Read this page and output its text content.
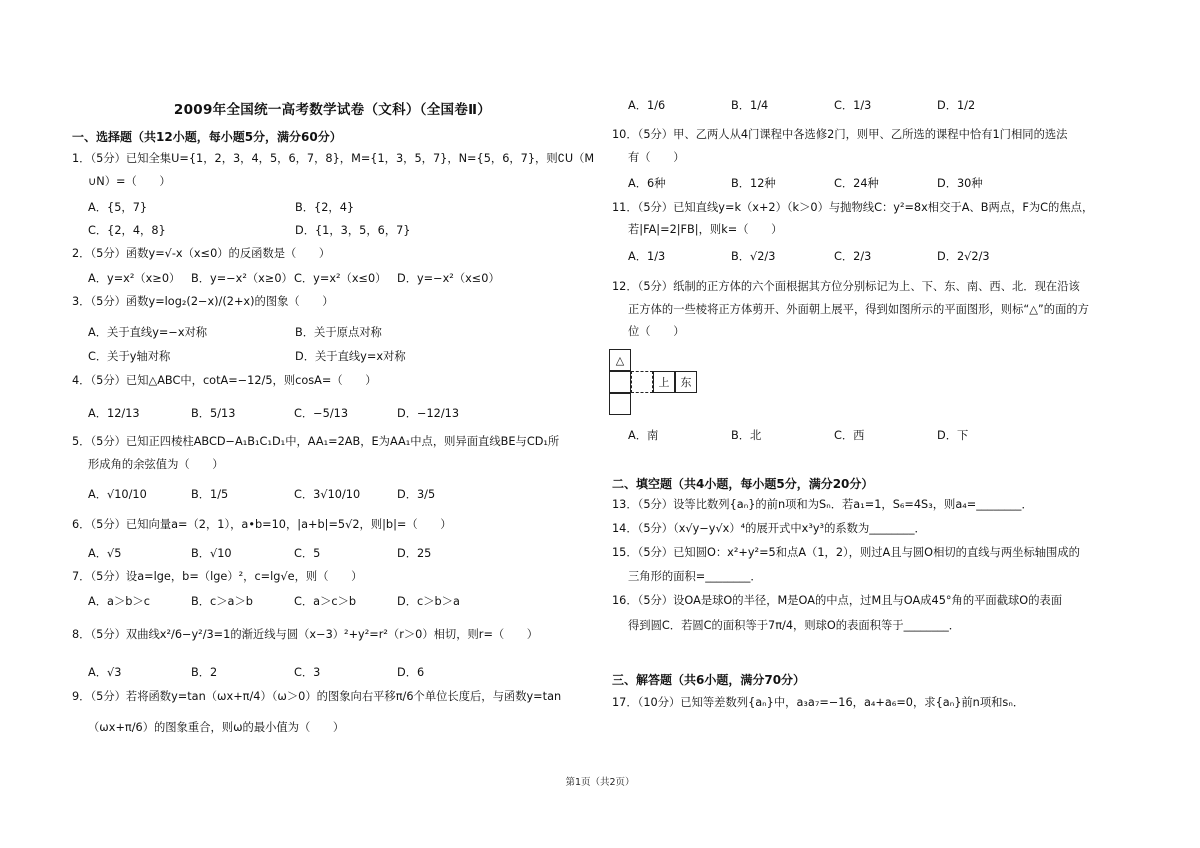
2009年全国统一高考数学试卷（文科）（全国卷Ⅱ）
一、选择题（共12小题，每小题5分，满分60分）
1．（5分）已知全集U={1，2，3，4，5，6，7，8}，M={1，3，5，7}，N={5，6，7}，则∁U（M
∪N）=（　　）
A．{5，7}	B．{2，4}
C．{2，4，8}	D．{1，3，5，6，7}
2．（5分）函数y=√-x（x≤0）的反函数是（　　）
A．y=x²（x≥0） B．y=−x²（x≥0） C．y=x²（x≤0） D．y=−x²（x≤0）
3．（5分）函数y=log₂(2−x)/(2+x)的图象（　　）
A．关于直线y=−x对称	B．关于原点对称
C．关于y轴对称	D．关于直线y=x对称
4．（5分）已知△ABC中，cotA=−12/5，则cosA=（　　）
A．12/13	B．5/13	C．−5/13	D．−12/13
5．（5分）已知正四棱柱ABCD−A₁B₁C₁D₁中，AA₁=2AB，E为AA₁中点，则异面直线BE与CD₁所
形成角的余弦值为（　　）
A．√10/10	B．1/5	C．3√10/10	D．3/5
6．（5分）已知向量a=（2，1），a•b=10，|a+b|=5√2，则|b|=（　　）
A．√5	B．√10	C．5	D．25
7．（5分）设a=lge，b=（lge）²，c=lg√e，则（　　）
A．a＞b＞c	B．c＞a＞b	C．a＞c＞b	D．c＞b＞a
8．（5分）双曲线x²/6−y²/3=1的渐近线与圆（x−3）²+y²=r²（r＞0）相切，则r=（　　）
A．√3	B．2	C．3	D．6
9．（5分）若将函数y=tan（ωx+π/4）（ω＞0）的图象向右平移π/6个单位长度后，与函数y=tan
（ωx+π/6）的图象重合，则ω的最小值为（　　）
A．1/6	B．1/4	C．1/3	D．1/2
10．（5分）甲、乙两人从4门课程中各选修2门，则甲、乙所选的课程中恰有1门相同的选法
有（　　）
A．6种	B．12种	C．24种	D．30种
11．（5分）已知直线y=k（x+2）（k＞0）与抛物线C：y²=8x相交于A、B两点，F为C的焦点，
若|FA|=2|FB|，则k=（　　）
A．1/3	B．√2/3	C．2/3	D．2√2/3
12．（5分）纸制的正方体的六个面根据其方位分别标记为上、下、东、南、西、北．现在沿该
正方体的一些棱将正方体剪开、外面朝上展平，得到如图所示的平面图形，则标“△”的面的方
位（　　）
△
上	东
A．南	B．北	C．西	D．下
二、填空题（共4小题，每小题5分，满分20分）
13．（5分）设等比数列{aₙ}的前n项和为Sₙ．若a₁=1，S₆=4S₃，则a₄=________．
14．（5分）（x√y−y√x）⁴的展开式中x³y³的系数为________．
15．（5分）已知圆O：x²+y²=5和点A（1，2），则过A且与圆O相切的直线与两坐标轴围成的
三角形的面积=________．
16．（5分）设OA是球O的半径，M是OA的中点，过M且与OA成45°角的平面截球O的表面
得到圆C．若圆C的面积等于7π/4，则球O的表面积等于________．
三、解答题（共6小题，满分70分）
17．（10分）已知等差数列{aₙ}中，a₃a₇=−16，a₄+a₆=0，求{aₙ}前n项和sₙ．
第1页（共2页）
